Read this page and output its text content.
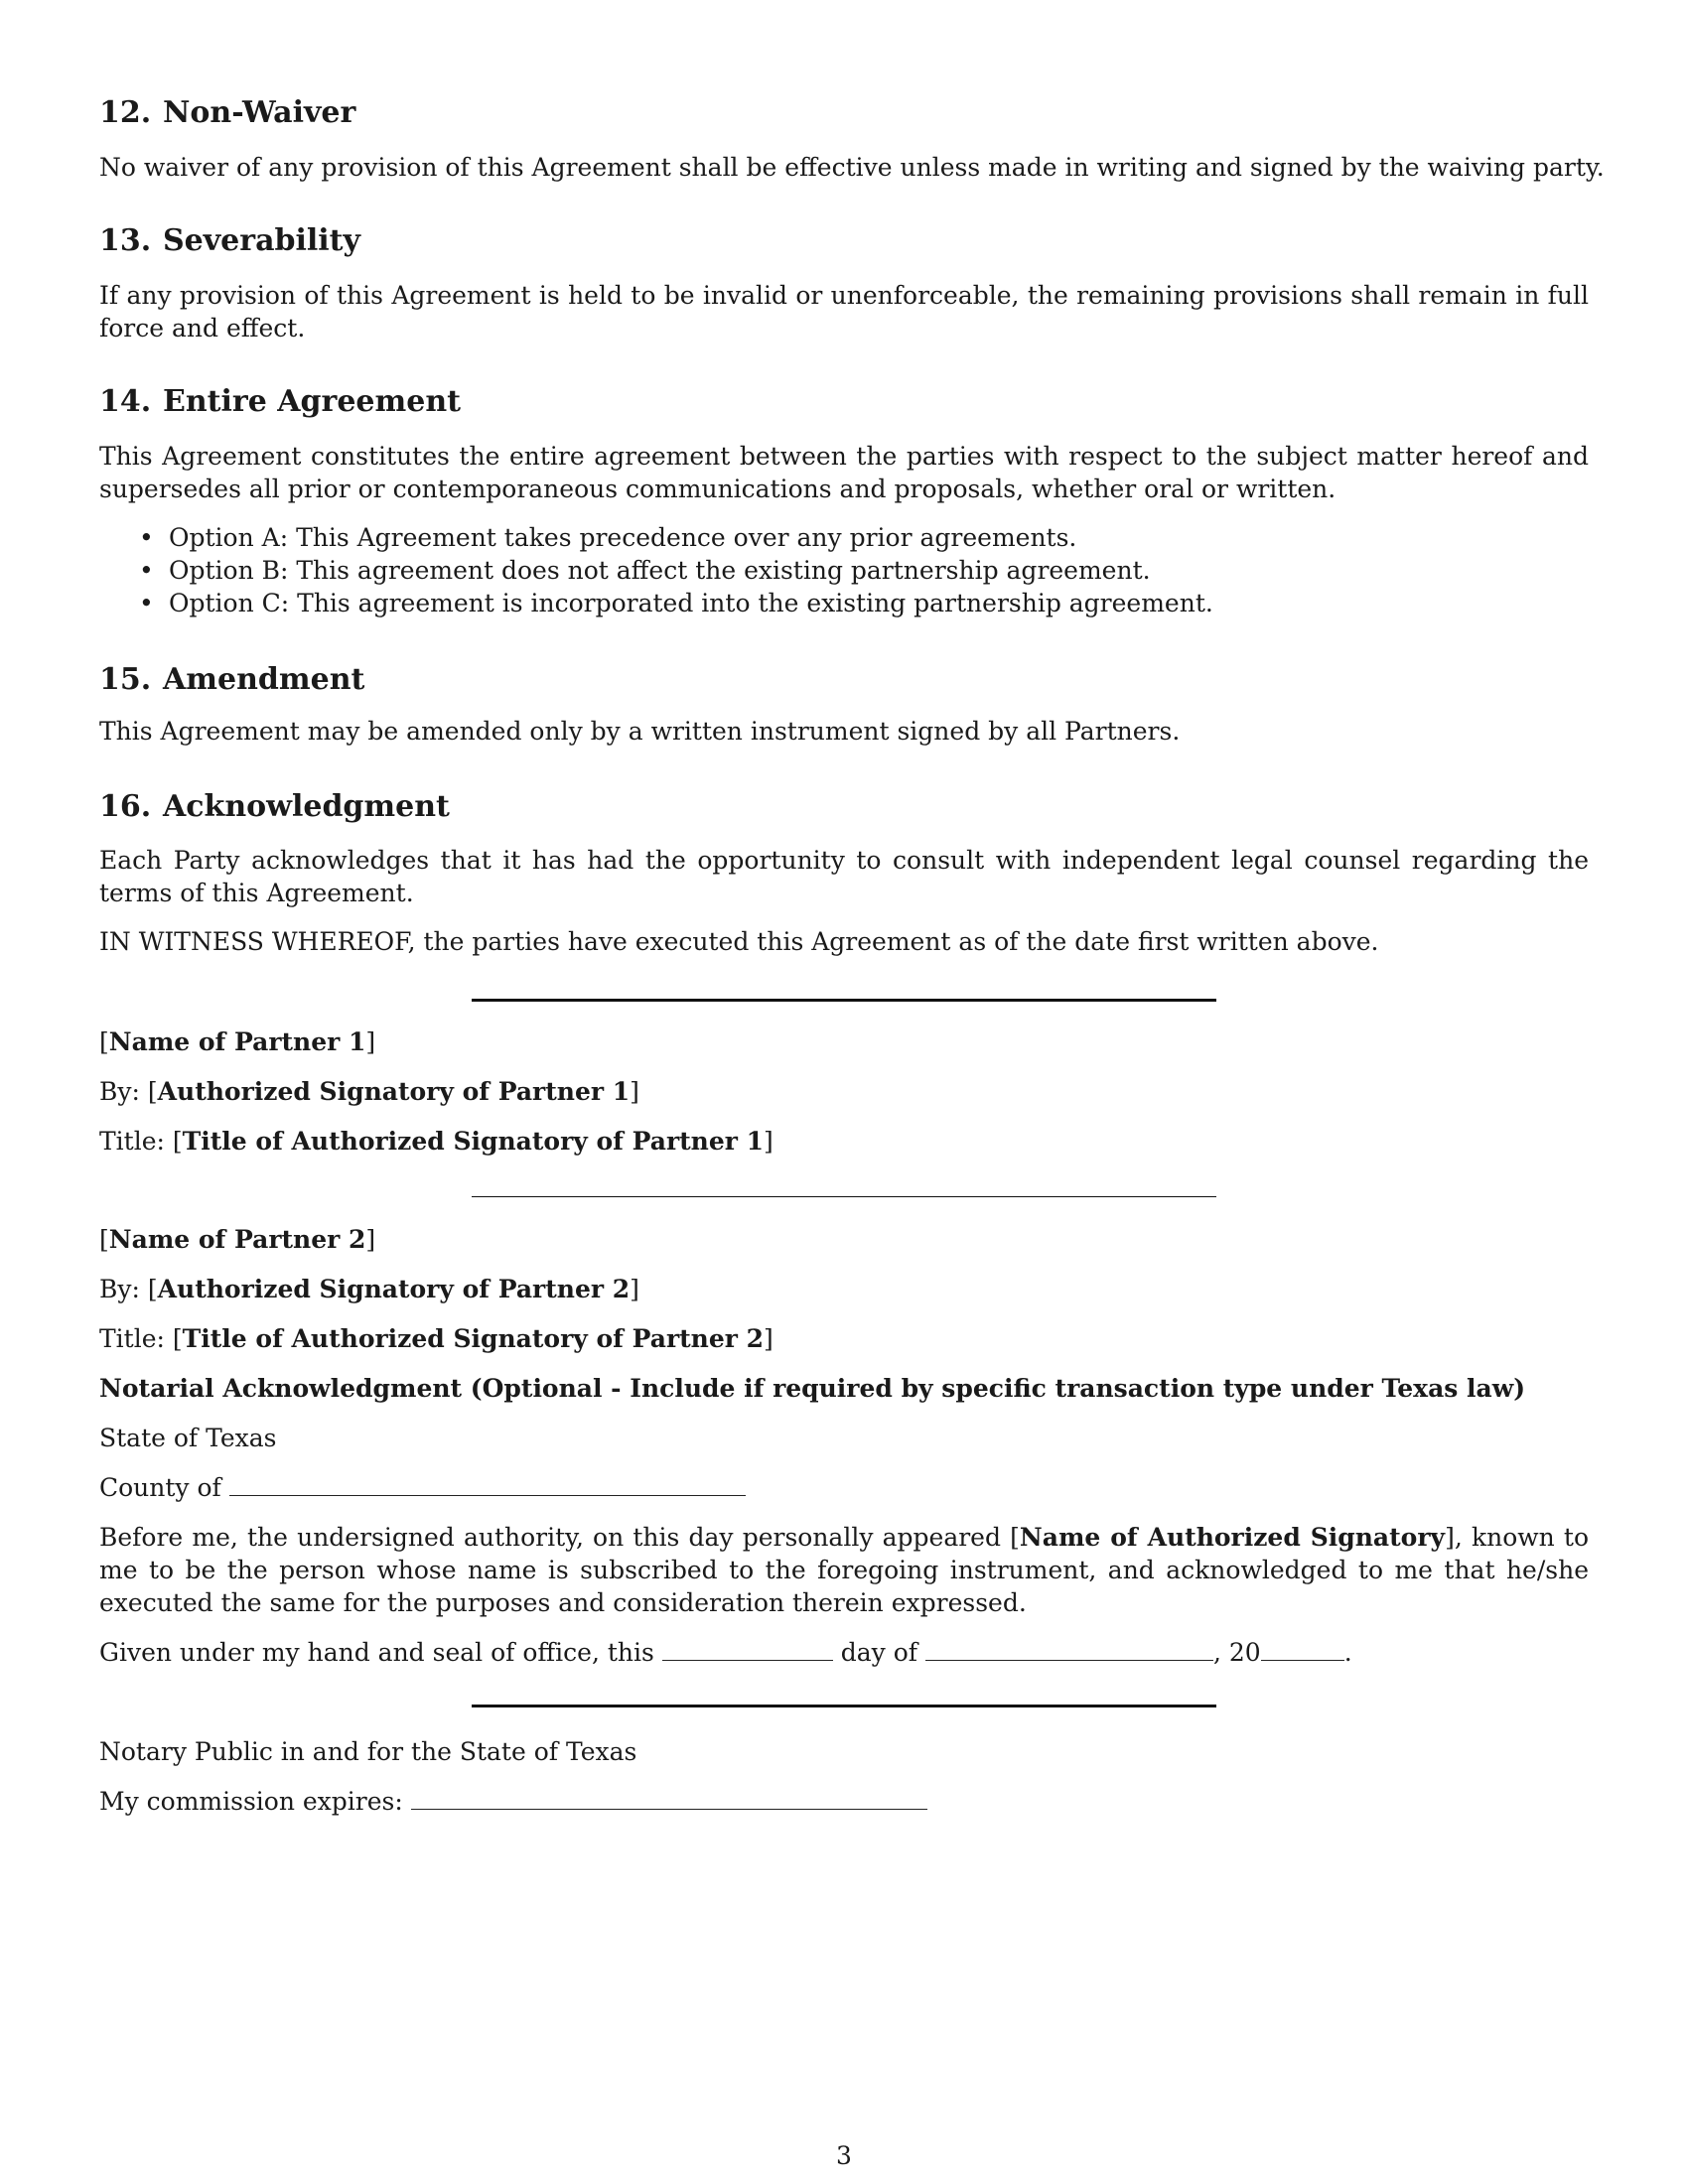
12. Non-Waiver

No waiver of any provision of this Agreement shall be effective unless made in writing and signed by the waiving party.

13. Severability

If any provision of this Agreement is held to be invalid or unenforceable, the remaining provisions shall remain in full force and effect.

14. Entire Agreement

This Agreement constitutes the entire agreement between the parties with respect to the subject matter hereof and supersedes all prior or contemporaneous communications and proposals, whether oral or written.

• Option A: This Agreement takes precedence over any prior agreements.
• Option B: This agreement does not affect the existing partnership agreement.
• Option C: This agreement is incorporated into the existing partnership agreement.
15. Amendment

This Agreement may be amended only by a written instrument signed by all Partners.

16. Acknowledgment

Each Party acknowledges that it has had the opportunity to consult with independent legal counsel regarding the terms of this Agreement.

IN WITNESS WHEREOF, the parties have executed this Agreement as of the date first written above.

[Name of Partner 1]
By: [Authorized Signatory of Partner 1]
Title: [Title of Authorized Signatory of Partner 1]
[Name of Partner 2]
By: [Authorized Signatory of Partner 2]
Title: [Title of Authorized Signatory of Partner 2]
Notarial Acknowledgment (Optional - Include if required by specific transaction type under Texas law)
State of Texas
County of

Before me, the undersigned authority, on this day personally appeared [Name of Authorized Signatory], known to me to be the person whose name is subscribed to the foregoing instrument, and acknowledged to me that he/she executed the same for the purposes and consideration therein expressed.

Given under my hand and seal of office, this	day of	, 20	.
Notary Public in and for the State of Texas
My commission expires:
3
